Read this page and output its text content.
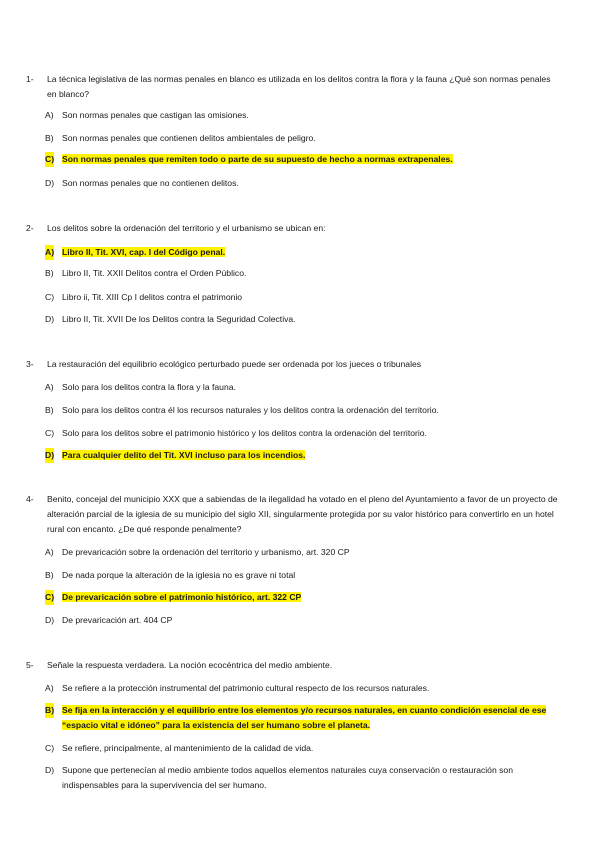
1- La técnica legislativa de las normas penales en blanco es utilizada en los delitos contra la flora y la fauna ¿Qué son normas penales en blanco?
A) Son normas penales que castigan las omisiones.
B) Son normas penales que contienen delitos ambientales de peligro.
C) Son normas penales que remiten todo o parte de su supuesto de hecho a normas extrapenales.
D) Son normas penales que no contienen delitos.
2- Los delitos sobre la ordenación del territorio y el urbanismo se ubican en:
A) Libro II, Tit. XVI, cap. I del Código penal.
B) Libro II, Tit. XXII Delitos contra el Orden Público.
C) Libro ii, Tit. XIII Cp I delitos contra el patrimonio
D) Libro II, Tit. XVII De los Delitos contra la Seguridad Colectiva.
3- La restauración del equilibrio ecológico perturbado puede ser ordenada por los jueces o tribunales
A) Solo para los delitos contra la flora y la fauna.
B) Solo para los delitos contra él los recursos naturales y los delitos contra la ordenación del territorio.
C) Solo para los delitos sobre el patrimonio histórico y los delitos contra la ordenación del territorio.
D) Para cualquier delito del Tit. XVI incluso para los incendios.
4- Benito, concejal del municipio XXX que a sabiendas de la ilegalidad ha votado en el pleno del Ayuntamiento a favor de un proyecto de alteración parcial de la iglesia de su municipio del siglo XII, singularmente protegida por su valor histórico para convertirlo en un hotel rural con encanto. ¿De qué responde penalmente?
A) De prevaricación sobre la ordenación del territorio y urbanismo, art. 320 CP
B) De nada porque la alteración de la iglesia no es grave ni total
C) De prevaricación sobre el patrimonio histórico, art. 322 CP
D) De prevaricación art. 404 CP
5- Señale la respuesta verdadera. La noción ecocéntrica del medio ambiente.
A) Se refiere a la protección instrumental del patrimonio cultural respecto de los recursos naturales.
B) Se fija en la interacción y el equilibrio entre los elementos y/o recursos naturales, en cuanto condición esencial de ese “espacio vital e idóneo” para la existencia del ser humano sobre el planeta.
C) Se refiere, principalmente, al mantenimiento de la calidad de vida.
D) Supone que pertenecían al medio ambiente todos aquellos elementos naturales cuya conservación o restauración son indispensables para la supervivencia del ser humano.
